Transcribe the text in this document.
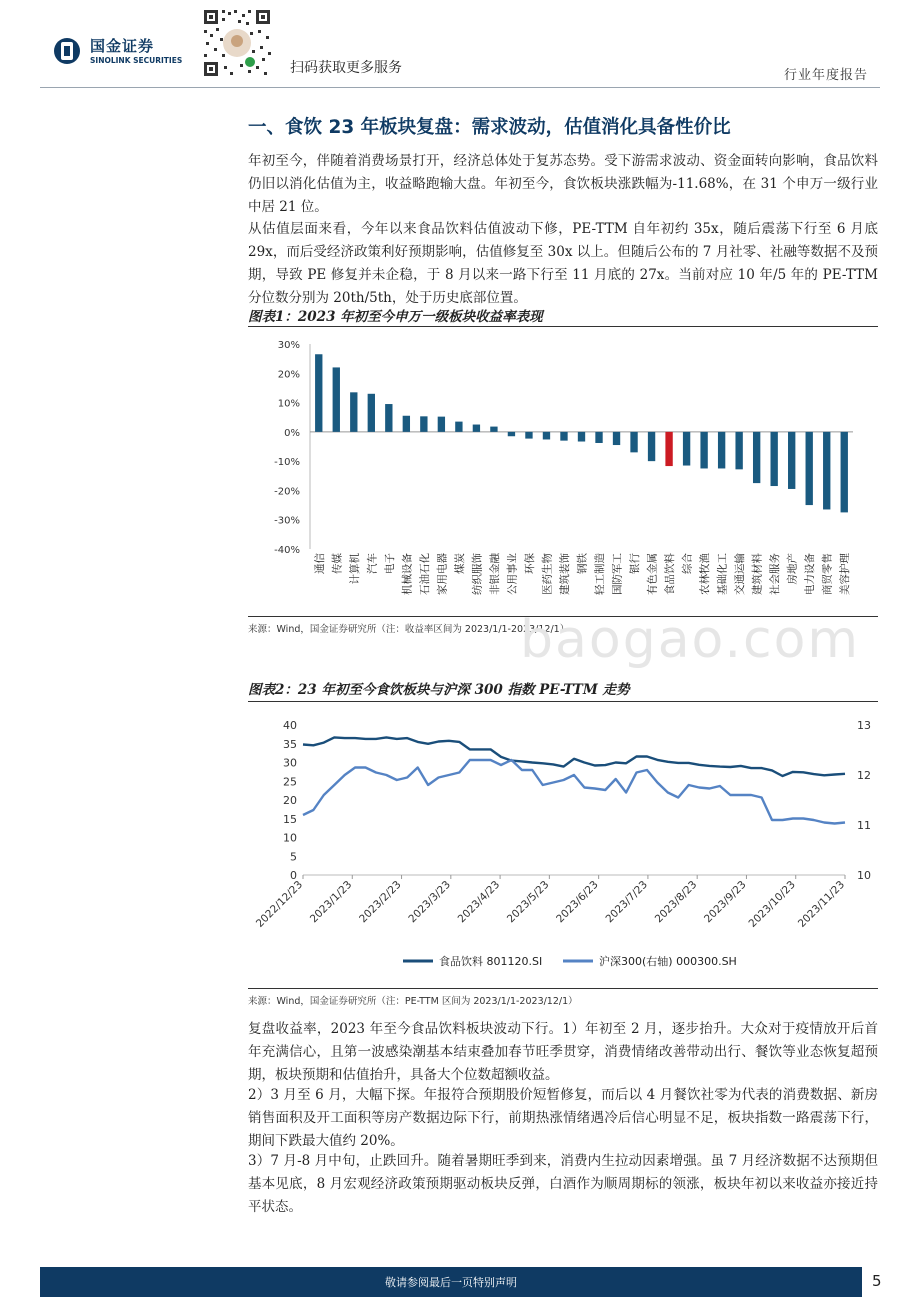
国金证券
SINOLINK SECURITIES	扫码获取更多服务	行业年度报告
一、食饮 23 年板块复盘：需求波动，估值消化具备性价比
年初至今，伴随着消费场景打开，经济总体处于复苏态势。受下游需求波动、资金面转向影响，食品饮料仍旧以消化估值为主，收益略跑输大盘。年初至今，食饮板块涨跌幅为-11.68%，在 31 个申万一级行业中居 21 位。
从估值层面来看，今年以来食品饮料估值波动下修，PE-TTM 自年初约 35x，随后震荡下行至 6 月底 29x，而后受经济政策利好预期影响，估值修复至 30x 以上。但随后公布的 7 月社零、社融等数据不及预期，导致 PE 修复并未企稳，于 8 月以来一路下行至 11 月底的 27x。当前对应 10 年/5 年的 PE-TTM 分位数分别为 20th/5th，处于历史底部位置。
图表1：2023 年初至今申万一级板块收益率表现
30%
20%
10%
0%
-10%
-20%
-30%
-40%
通信 传媒 计算机 汽车 电子 机械设备 石油石化 家用电器 煤炭 纺织服饰 非银金融 公用事业 环保 医药生物 建筑装饰 钢铁 轻工制造 国防军工 银行 有色金属 食品饮料 综合 农林牧渔 基础化工 交通运输 建筑材料 社会服务 房地产 电力设备 商贸零售 美容护理
来源：Wind，国金证券研究所（注：收益率区间为 2023/1/1-2023/12/1）
baogao.com
图表2：23 年初至今食饮板块与沪深 300 指数 PE-TTM 走势
40
35
30
25
20
15
10
5
0
13
12
11
10
2022/12/23 2023/1/23 2023/2/23 2023/3/23 2023/4/23 2023/5/23 2023/6/23 2023/7/23 2023/8/23 2023/9/23
2023/10/23
2023/11/23
食品饮料 801120.SI	沪深300(右轴) 000300.SH
来源：Wind，国金证券研究所（注：PE-TTM 区间为 2023/1/1-2023/12/1）
复盘收益率，2023 年至今食品饮料板块波动下行。1）年初至 2 月，逐步抬升。大众对于疫情放开后首年充满信心，且第一波感染潮基本结束叠加春节旺季贯穿，消费情绪改善带动出行、餐饮等业态恢复超预期，板块预期和估值抬升，具备大个位数超额收益。
2）3 月至 6 月，大幅下探。年报符合预期股价短暂修复，而后以 4 月餐饮社零为代表的消费数据、新房销售面积及开工面积等房产数据边际下行，前期热涨情绪遇冷后信心明显不足，板块指数一路震荡下行，期间下跌最大值约 20%。
3）7 月-8 月中旬，止跌回升。随着暑期旺季到来，消费内生拉动因素增强。虽 7 月经济数据不达预期但基本见底，8 月宏观经济政策预期驱动板块反弹，白酒作为顺周期标的领涨，板块年初以来收益亦接近持平状态。
敬请参阅最后一页特别声明	5
